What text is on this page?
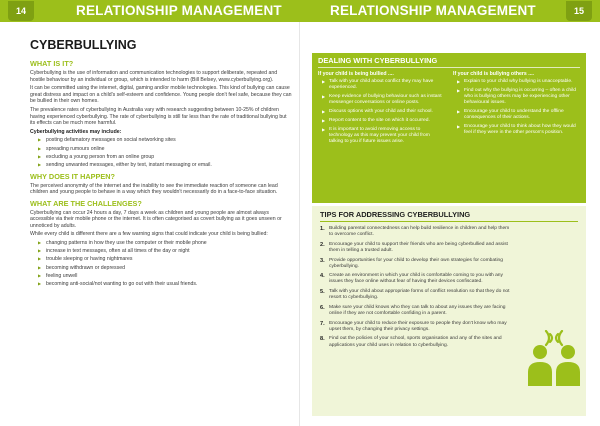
14	RELATIONSHIP MANAGEMENT	RELATIONSHIP MANAGEMENT	15
CYBERBULLYING
WHAT IS IT?
Cyberbullying is the use of information and communication technologies to support deliberate, repeated and hostile behaviour by an individual or group, which is intended to harm (Bill Belsey, www.cyberbullying.org).
It can be committed using the internet, digital, gaming and/or mobile technologies. This kind of bullying can cause great distress and impact on a child's self-esteem and confidence. Young people don't feel safe, because they can be bullied in their own homes.
The prevalence rates of cyberbullying in Australia vary with research suggesting between 10-25% of children having experienced cyberbullying. The rate of cyberbullying is still far less than the rate of traditional bullying but its effects can be much more harmful.
Cyberbullying activities may include:
▶ posting defamatory messages on social networking sites
▶ spreading rumours online
▶ excluding a young person from an online group
▶ sending unwanted messages, either by text, instant messaging or email.
WHY DOES IT HAPPEN?
The perceived anonymity of the internet and the inability to see the immediate reaction of someone can lead children and young people to behave in a way which they wouldn't necessarily do in a face-to-face situation.
WHAT ARE THE CHALLENGES?
Cyberbullying can occur 24 hours a day, 7 days a week as children and young people are almost always accessible via their mobile phone or the internet. It is often categorised as covert bullying as it goes unseen or unnoticed by adults.
While every child is different there are a few warning signs that could indicate your child is being bullied:
▶ changing patterns in how they use the computer or their mobile phone
▶ increase in text messages, often at all times of the day or night
▶ trouble sleeping or having nightmares
▶ becoming withdrawn or depressed
▶ feeling unwell
▶ becoming anti-social/not wanting to go out with their usual friends.
DEALING WITH CYBERBULLYING
If your child is being bullied ....
▶ Talk with your child about conflict they may have experienced.
▶ Keep evidence of bullying behaviour such as instant messenger conversations or online posts.
▶ Discuss options with your child and their school.
▶ Report content to the site on which it occurred.
▶ It is important to avoid removing access to technology as this may prevent your child from talking to you if future issues arise.
If your child is bullying others ....
▶ Explain to your child why bullying is unacceptable.
▶ Find out why the bullying is occurring – often a child who is bullying others may be experiencing other behavioural issues.
▶ Encourage your child to understand the offline consequences of their actions.
▶ Encourage your child to think about how they would feel if they were in the other person's position.
TIPS FOR ADDRESSING CYBERBULLYING
1. Building parental connectedness can help build resilience in children and help them to overcome conflict.
2. Encourage your child to support their friends who are being cyberbullied and assist them in telling a trusted adult.
3. Provide opportunities for your child to develop their own strategies for combating cyberbullying.
4. Create an environment in which your child is comfortable coming to you with any issues they face online without fear of having their devices confiscated.
5. Talk with your child about appropriate forms of conflict resolution so that they do not resort to cyberbullying.
6. Make sure your child knows who they can talk to about any issues they are facing online if they are not comfortable confiding in a parent.
7. Encourage your child to reduce their exposure to people they don't know who may upset them, by changing their privacy settings.
8. Find out the policies of your school, sports organisation and any of the sites and applications your child uses in relation to cyberbullying.
